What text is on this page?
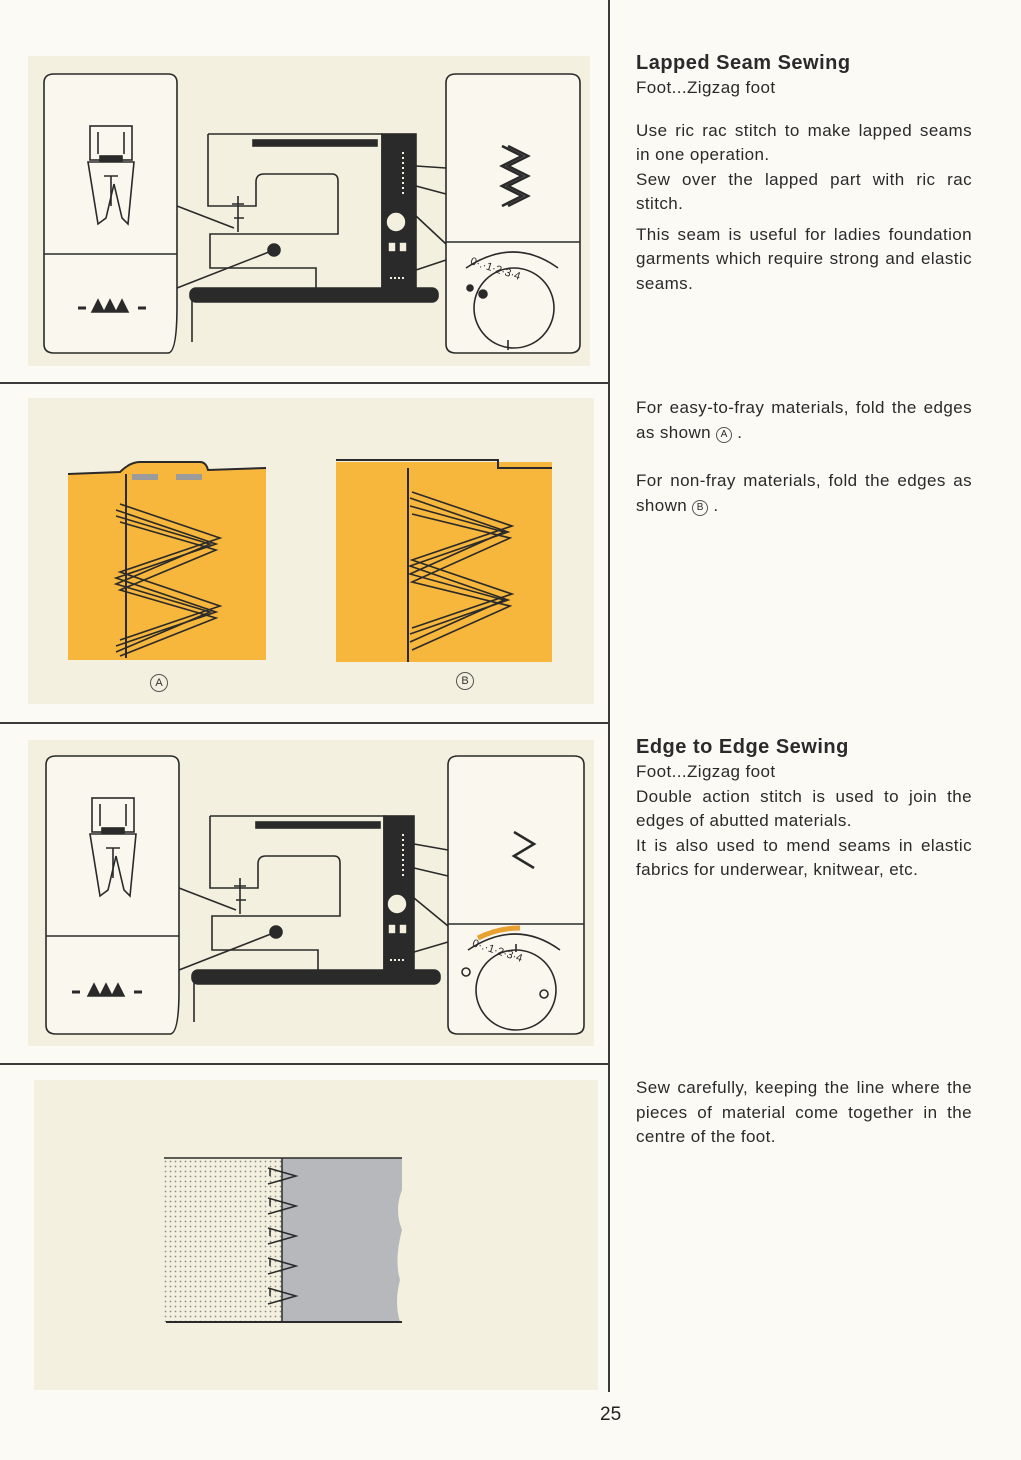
0·.·1·2·3·4
A	B
0·.·1·2·3·4
Lapped Seam Sewing

Foot...Zigzag foot

Use ric rac stitch to make lapped seams in one operation.

Sew over the lapped part with ric rac stitch.

This seam is useful for ladies foundation garments which require strong and elastic seams.

For easy-to-fray materials, fold the edges as shown A .

For non-fray materials, fold the edges as shown B .

Edge to Edge Sewing

Foot...Zigzag foot

Double action stitch is used to join the edges of abutted materials.

It is also used to mend seams in elastic fabrics for underwear, knitwear, etc.

Sew carefully, keeping the line where the pieces of material come together in the centre of the foot.

25
